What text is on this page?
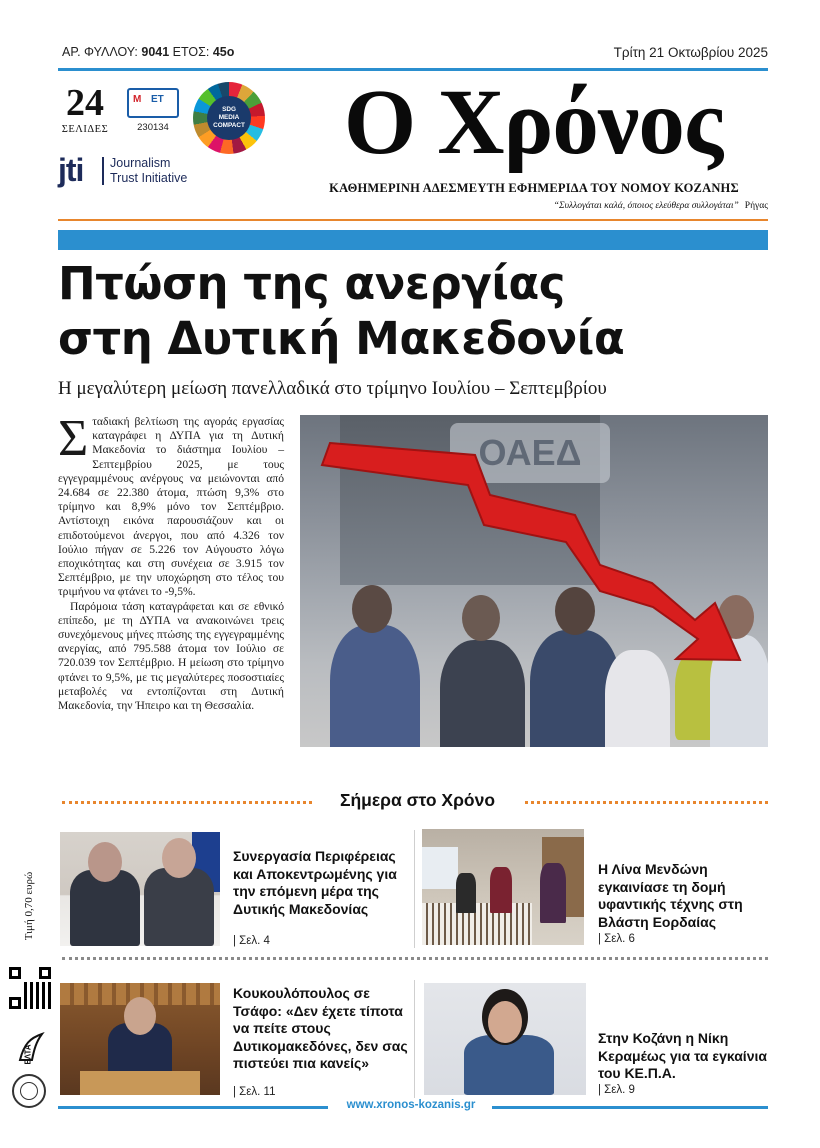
ΑΡ. ΦΥΛΛΟΥ: 9041 ΕΤΟΣ: 45ο	Τρίτη 21 Οκτωβρίου 2025
24
ΣΕΛΙΔΕΣ
Μ ΕΤ
230134
SDG
MEDIA
COMPACT
jti Journalism
Trust Initiative
Ο Χρόνος
ΚΑΘΗΜΕΡΙΝΗ ΑΔΕΣΜΕΥΤΗ ΕΦΗΜΕΡΙΔΑ ΤΟΥ ΝΟΜΟΥ ΚΟΖΑΝΗΣ
“Συλλογάται καλά, όποιος ελεύθερα συλλογάται” Ρήγας
Πτώση της ανεργίας
στη Δυτική Μακεδονία
Η μεγαλύτερη μείωση πανελλαδικά στο τρίμηνο Ιουλίου – Σεπτεμβρίου

Σταδιακή βελτίωση της αγοράς εργασίας καταγράφει η ΔΥΠΑ για τη Δυτική Μακεδονία το διάστημα Ιουλίου – Σεπτεμβρίου 2025, με τους εγγεγραμμένους ανέργους να μειώνονται από 24.684 σε 22.380 άτομα, πτώση 9,3% στο τρίμηνο και 8,9% μόνο τον Σεπτέμβριο. Αντίστοιχη εικόνα παρουσιάζουν και οι επιδοτούμενοι άνεργοι, που από 4.326 τον Ιούλιο πήγαν σε 5.226 τον Αύγουστο λόγω εποχικότητας και στη συνέχεια σε 3.915 τον Σεπτέμβριο, με την υποχώρηση στο τέλος του τριμήνου να φτάνει το -9,5%.

Παρόμοια τάση καταγράφεται και σε εθνικό επίπεδο, με τη ΔΥΠΑ να ανακοινώνει τρεις συνεχόμενους μήνες πτώσης της εγγεγραμμένης ανεργίας, από 795.588 άτομα τον Ιούλιο σε 720.039 τον Σεπτέμβριο. Η μείωση στο τρίμηνο φτάνει το 9,5%, με τις μεγαλύτερες ποσοστιαίες μεταβολές να εντοπίζονται στη Δυτική Μακεδονία, την Ήπειρο και τη Θεσσαλία.

ΟΑΕΔ
Σήμερα στο Χρόνο
Συνεργασία Περιφέρειας και Αποκεντρωμένης για την επόμενη μέρα της Δυτικής Μακεδονίας
| Σελ. 4
Η Λίνα Μενδώνη εγκαινίασε τη δομή υφαντικής τέχνης στη Βλάστη Εορδαίας
| Σελ. 6
Κουκουλόπουλος σε Τσάφο: «Δεν έχετε τίποτα να πείτε στους Δυτικομακεδόνες, δεν σας πιστεύει πια κανείς»
| Σελ. 11
Στην Κοζάνη η Νίκη Κεραμέως για τα εγκαίνια του ΚΕ.Π.Α.
| Σελ. 9
Τιμή 0,70 ευρώ
ΕΛΤΑ
www.xronos-kozanis.gr
